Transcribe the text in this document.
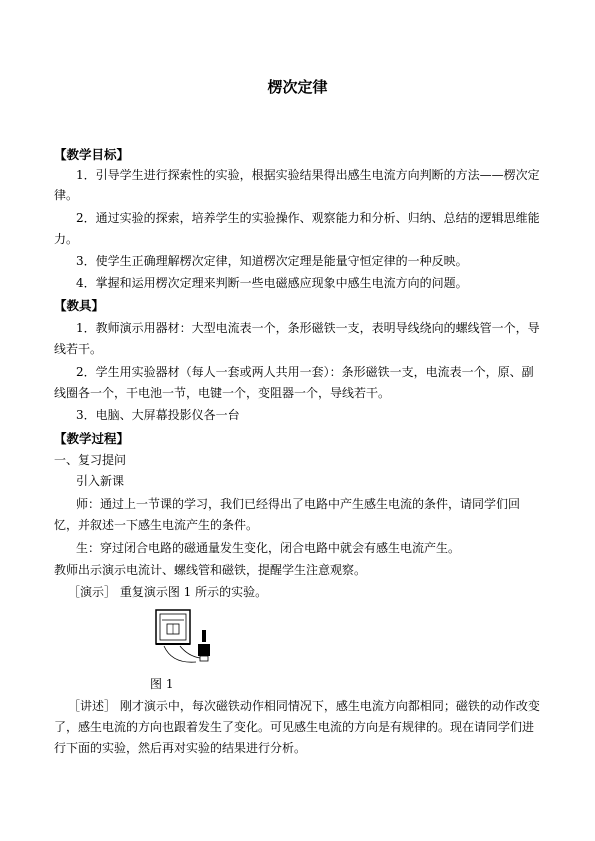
楞次定律
【教学目标】
1．引导学生进行探索性的实验，根据实验结果得出感生电流方向判断的方法——楞次定
律。
2．通过实验的探索，培养学生的实验操作、观察能力和分析、归纳、总结的逻辑思维能
力。
3．使学生正确理解楞次定律，知道楞次定理是能量守恒定律的一种反映。
4．掌握和运用楞次定理来判断一些电磁感应现象中感生电流方向的问题。
【教具】
1．教师演示用器材：大型电流表一个，条形磁铁一支，表明导线绕向的螺线管一个，导
线若干。
2．学生用实验器材（每人一套或两人共用一套）：条形磁铁一支，电流表一个，原、副
线圈各一个，干电池一节，电键一个，变阻器一个，导线若干。
3．电脑、大屏幕投影仪各一台
【教学过程】
一、复习提问
引入新课
师：通过上一节课的学习，我们已经得出了电路中产生感生电流的条件，请同学们回
忆，并叙述一下感生电流产生的条件。
生：穿过闭合电路的磁通量发生变化，闭合电路中就会有感生电流产生。
教师出示演示电流计、螺线管和磁铁，提醒学生注意观察。
［演示］ 重复演示图 1 所示的实验。
图 1
［讲述］ 刚才演示中，每次磁铁动作相同情况下，感生电流方向都相同；磁铁的动作改变
了，感生电流的方向也跟着发生了变化。可见感生电流的方向是有规律的。现在请同学们进
行下面的实验，然后再对实验的结果进行分析。
